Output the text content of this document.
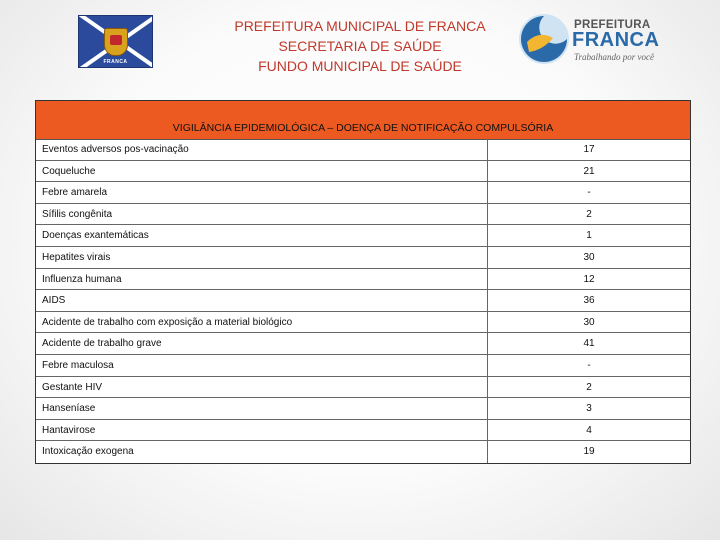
FRANCA
PREFEITURA MUNICIPAL DE FRANCA
SECRETARIA DE SAÚDE
FUNDO MUNICIPAL DE SAÚDE
PREFEITURA
FRANCA
Trabalhando por você
VIGILÂNCIA EPIDEMIOLÓGICA – DOENÇA DE NOTIFICAÇÃO COMPULSÓRIA
Eventos adversos pos-vacinação	17
Coqueluche	21
Febre amarela	-
Sífilis congênita	2
Doenças exantemáticas	1
Hepatites virais	30
Influenza humana	12
AIDS	36
Acidente de trabalho com exposição a material biológico	30
Acidente de trabalho grave	41
Febre maculosa	-
Gestante HIV	2
Hanseníase	3
Hantavirose	4
Intoxicação exogena	19
